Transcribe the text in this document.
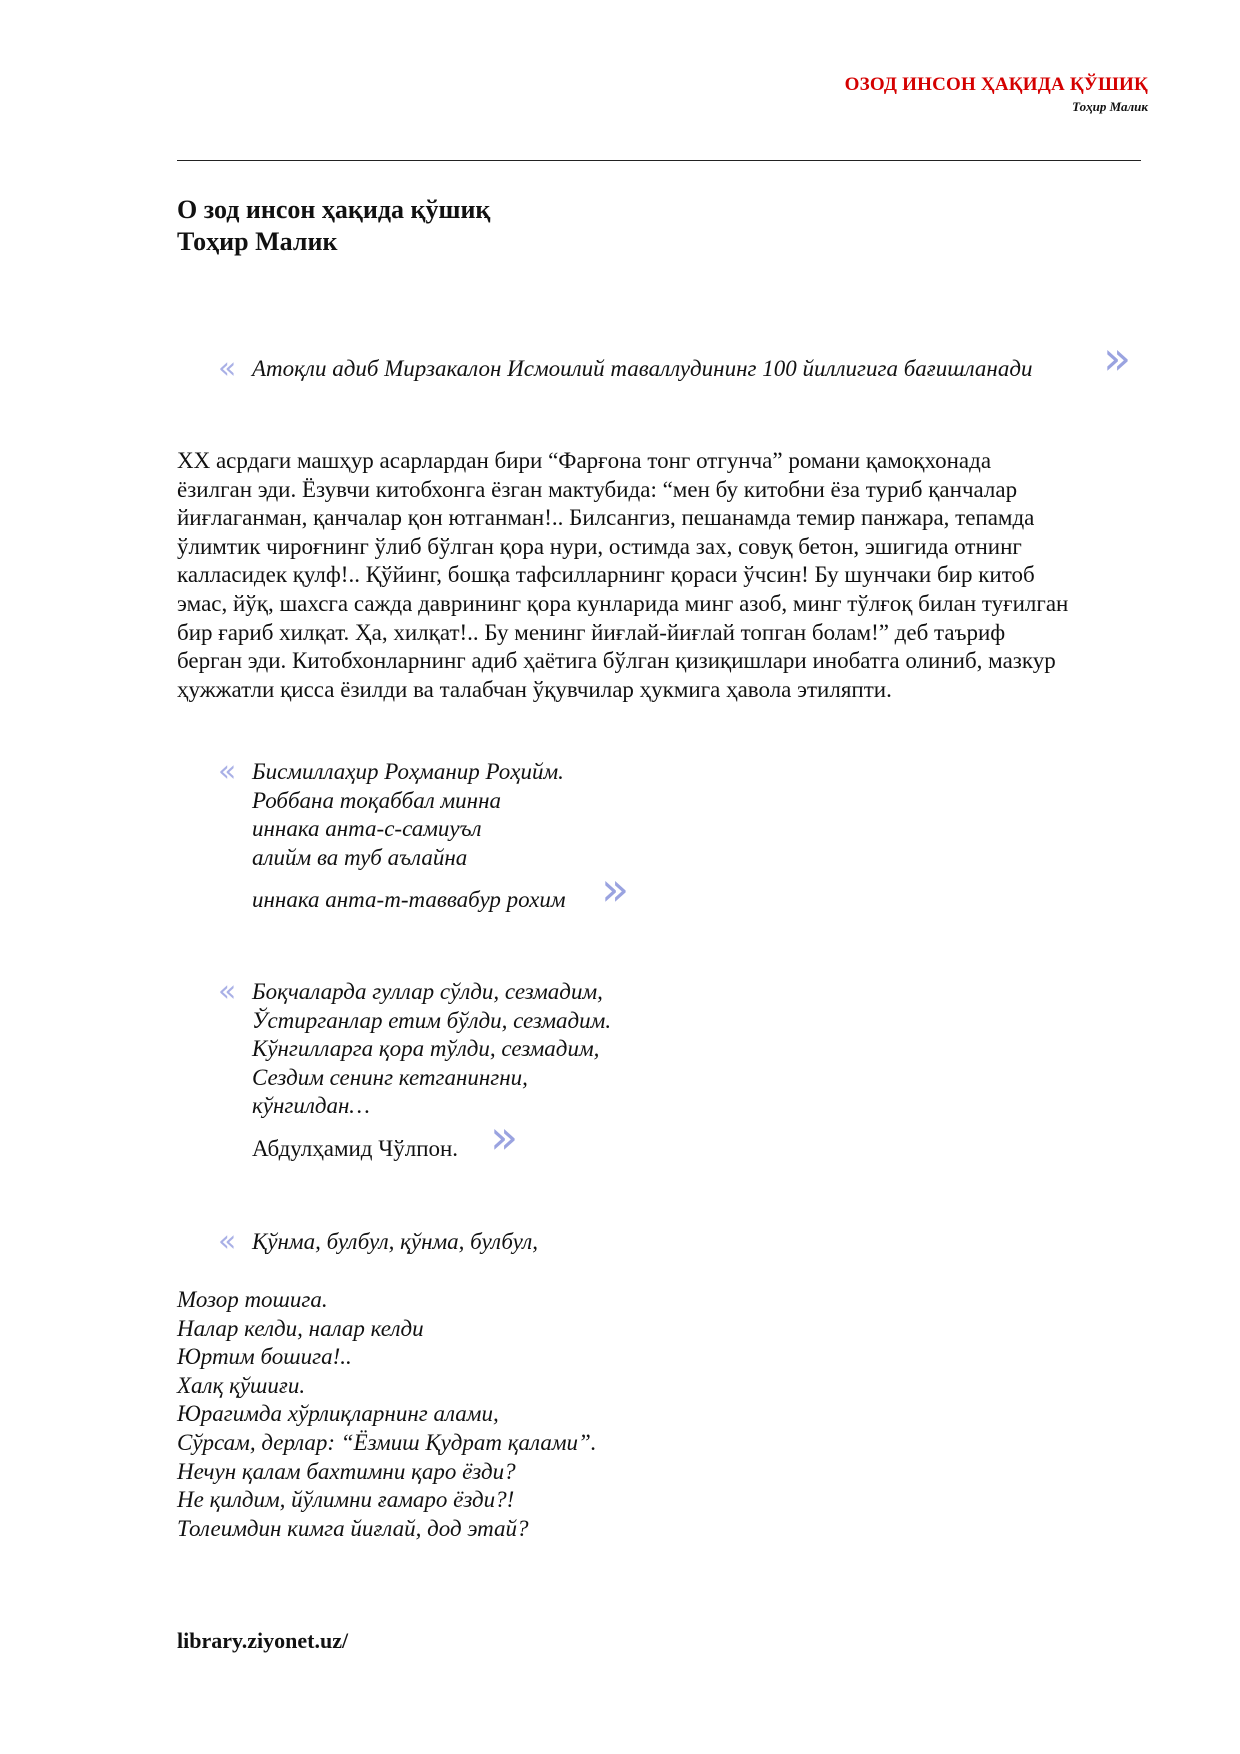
ОЗОД ИНСОН ҲАҚИДА ҚЎШИҚ
Тоҳир Малик
О зод инсон ҳақида қўшиқ
Тоҳир Малик
« Атоқли адиб Мирзакалон Исмоилий таваллудининг 100 йиллигига бағишланади »
XX асрдаги машҳур асарлардан бири “Фарғона тонг отгунча” романи қамоқхонада
ёзилган эди. Ёзувчи китобхонга ёзган мактубида: “мен бу китобни ёза туриб қанчалар
йиғлаганман, қанчалар қон ютганман!.. Билсангиз, пешанамда темир панжара, тепамда
ўлимтик чироғнинг ўлиб бўлган қора нури, остимда зах, совуқ бетон, эшигида отнинг
калласидек қулф!.. Қўйинг, бошқа тафсилларнинг қораси ўчсин! Бу шунчаки бир китоб
эмас, йўқ, шахсга сажда даврининг қора кунларида минг азоб, минг тўлғоқ билан туғилган
бир ғариб хилқат. Ҳа, хилқат!.. Бу менинг йиғлай-йиғлай топган болам!” деб таъриф
берган эди. Китобхонларнинг адиб ҳаётига бўлган қизиқишлари инобатга олиниб, мазкур
ҳужжатли қисса ёзилди ва талабчан ўқувчилар ҳукмига ҳавола этиляпти.
« Бисмиллаҳир Роҳманир Роҳийм.
Роббана тоқаббал минна
иннака анта-с-самиуъл
алийм ва туб аълайна
иннака анта-т-таввабур рохим »
« Боқчаларда гуллар сўлди, сезмадим,
Ўстирганлар етим бўлди, сезмадим.
Кўнгилларга қора тўлди, сезмадим,
Сездим сенинг кетганингни,
кўнгилдан…
Абдулҳамид Чўлпон. »
« Қўнма, булбул, қўнма, булбул,
Мозор тошига.
Налар келди, налар келди
Юртим бошига!..
Халқ қўшиғи.
Юрагимда хўрлиқларнинг алами,
Сўрсам, дерлар: “Ёзмиш Қудрат қалами”.
Нечун қалам бахтимни қаро ёзди?
Не қилдим, йўлимни ғамаро ёзди?!
Толеимдин кимга йиғлай, дод этай?
library.ziyonet.uz/
